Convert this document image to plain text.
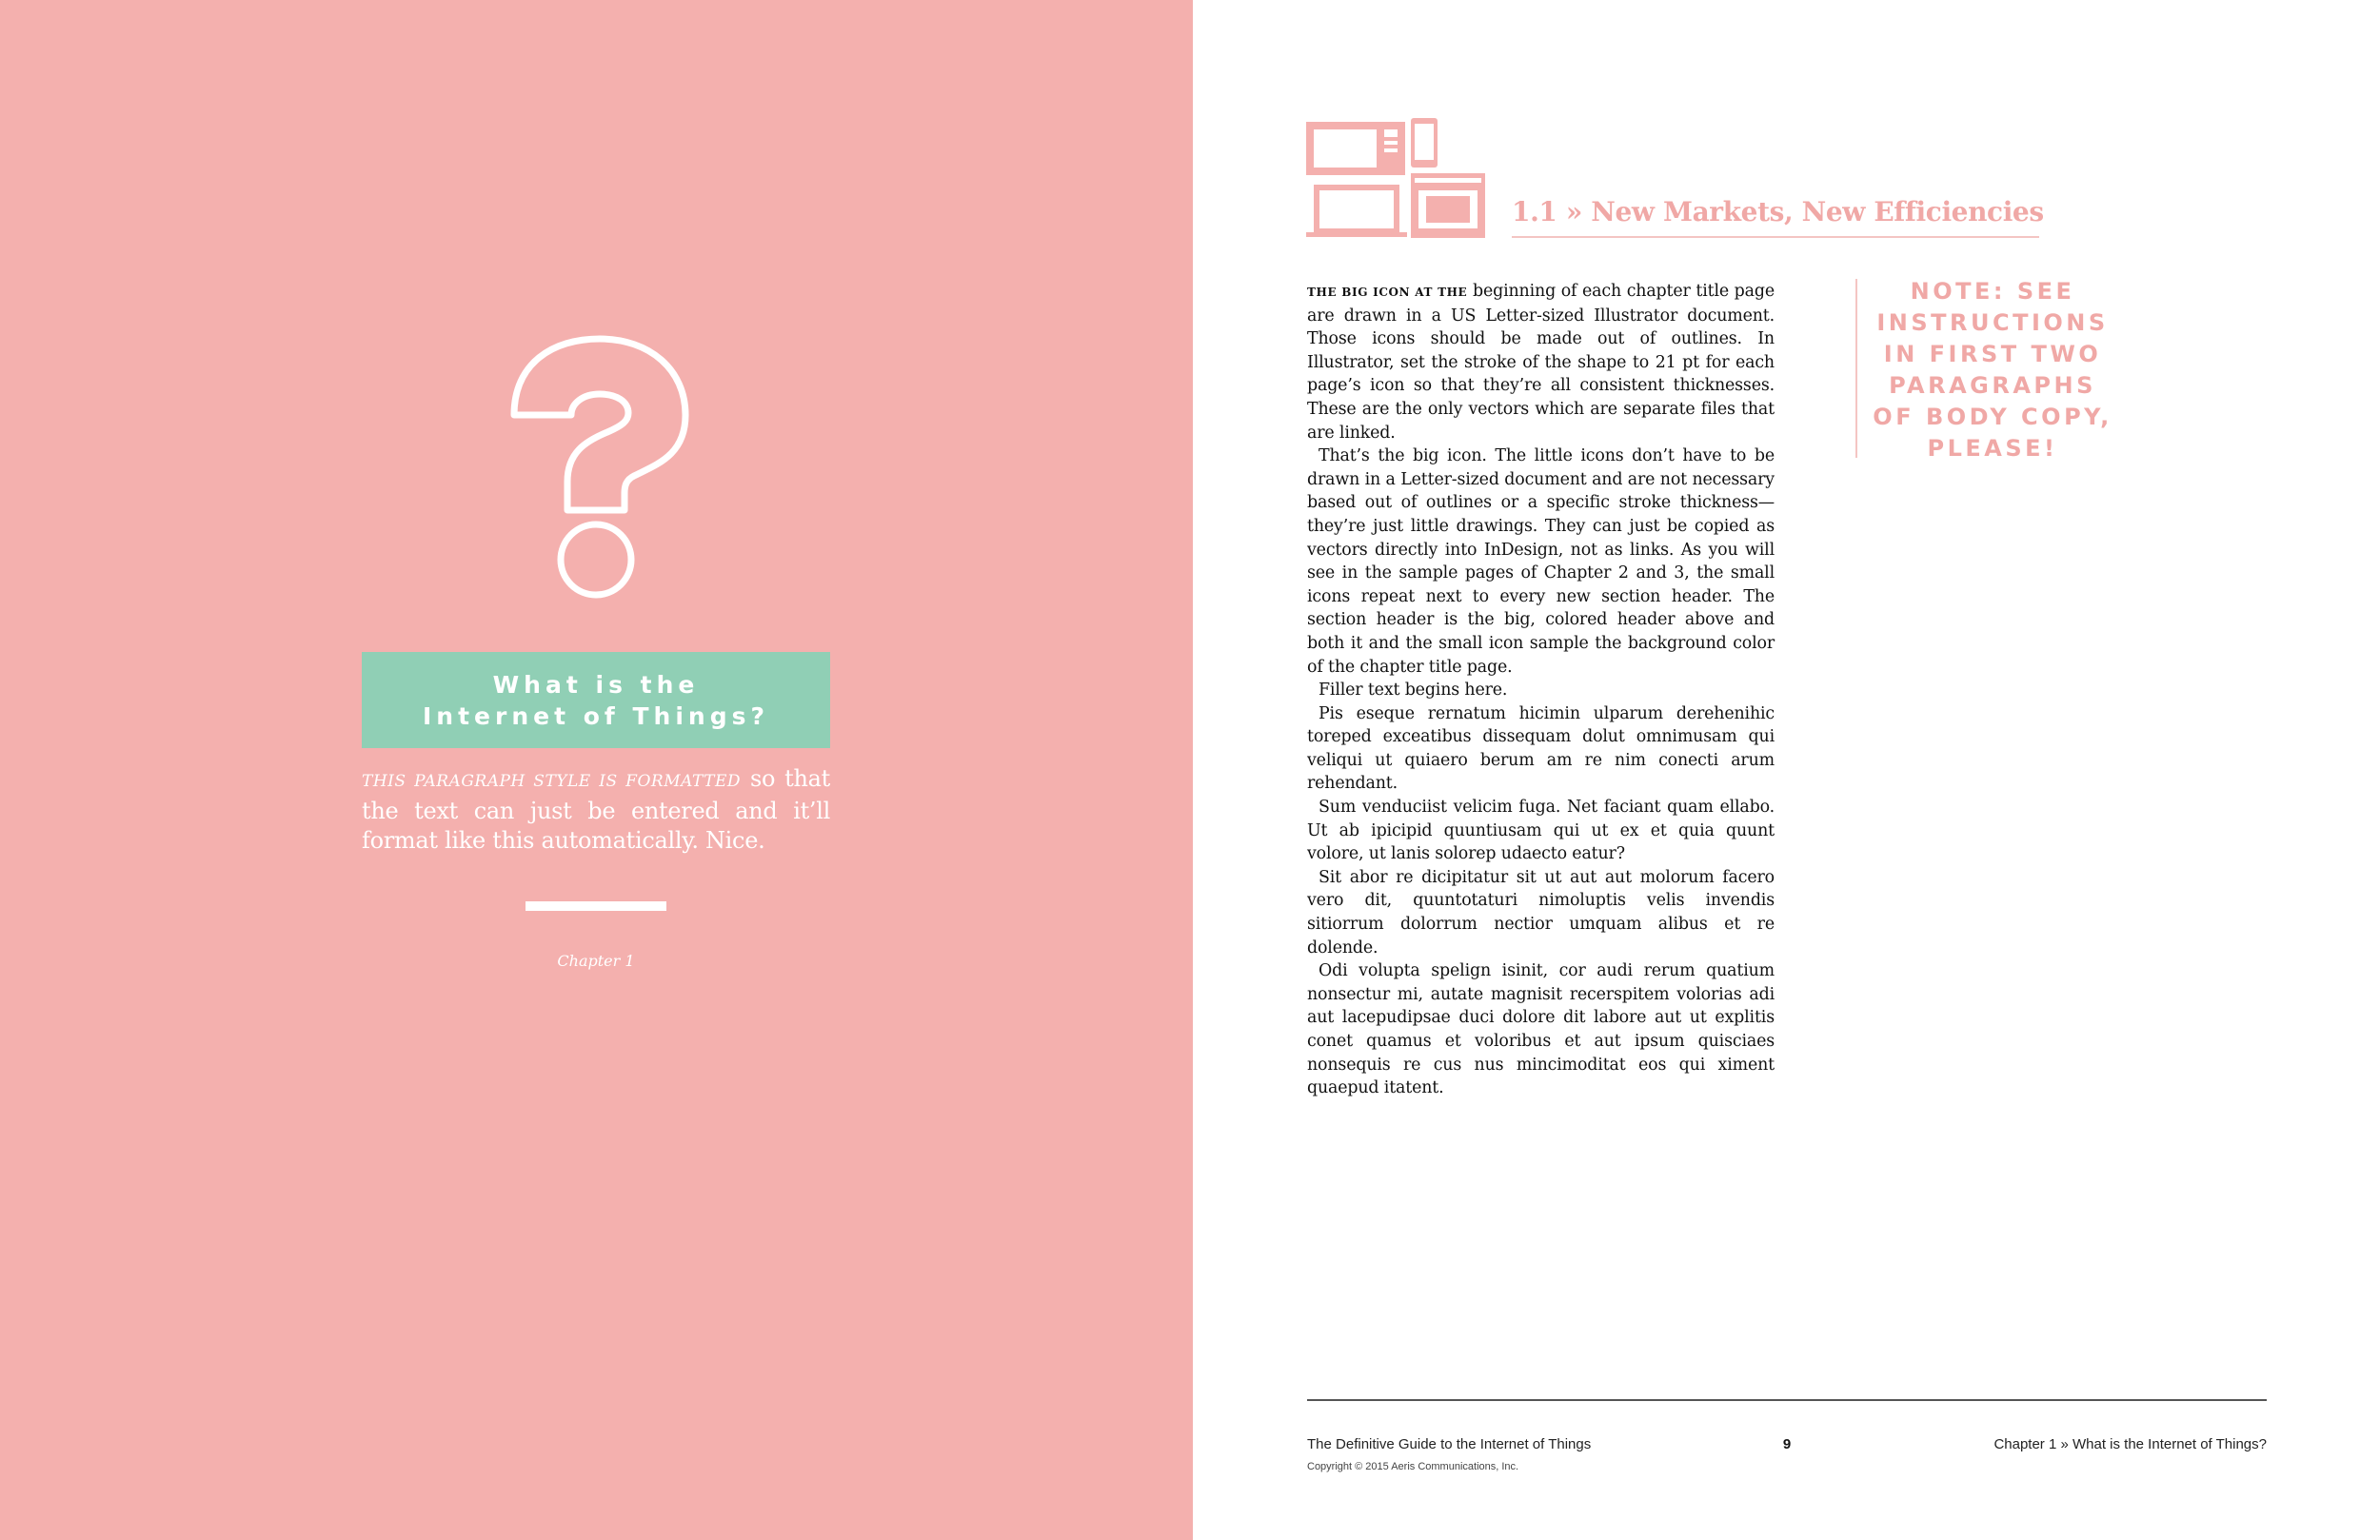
What is the
Internet of Things?
THIS PARAGRAPH STYLE IS FORMATTED so that the text can just be entered and it’ll format like this automatically. Nice.
Chapter 1
1.1 » New Markets, New Efficiencies

THE BIG ICON AT THE beginning of each chapter title page are drawn in a US Letter-sized Illustrator document. Those icons should be made out of outlines. In Illustrator, set the stroke of the shape to 21 pt for each page’s icon so that they’re all consistent thicknesses. These are the only vectors which are separate files that are linked.

That’s the big icon. The little icons don’t have to be drawn in a Letter-sized document and are not necessary based out of outlines or a specific stroke thickness—they’re just little drawings. They can just be copied as vectors directly into InDesign, not as links. As you will see in the sample pages of Chapter 2 and 3, the small icons repeat next to every new section header. The section header is the big, colored header above and both it and the small icon sample the background color of the chapter title page.

Filler text begins here.

Pis eseque rernatum hicimin ulparum derehenihic toreped exceatibus dissequam dolut omnimusam qui veliqui ut quiaero berum am re nim conecti arum rehendant.

Sum venduciist velicim fuga. Net faciant quam ellabo. Ut ab ipicipid quuntiusam qui ut ex et quia quunt volore, ut lanis solorep udaecto eatur?

Sit abor re dicipitatur sit ut aut aut molorum facero vero dit, quuntotaturi nimoluptis velis invendis sitiorrum dolorrum nectior umquam alibus et re dolende.

Odi volupta spelign isinit, cor audi rerum quatium nonsectur mi, autate magnisit recerspitem volorias adi aut lacepudipsae duci dolore dit labore aut ut explitis conet quamus et voloribus et aut ipsum quisciaes nonsequis re cus nus mincimoditat eos qui ximent quaepud itatent.

NOTE: SEE
INSTRUCTIONS
IN FIRST TWO
PARAGRAPHS
OF BODY COPY,
PLEASE!
The Definitive Guide to the Internet of Things
Copyright © 2015 Aeris Communications, Inc.
9	Chapter 1 » What is the Internet of Things?
